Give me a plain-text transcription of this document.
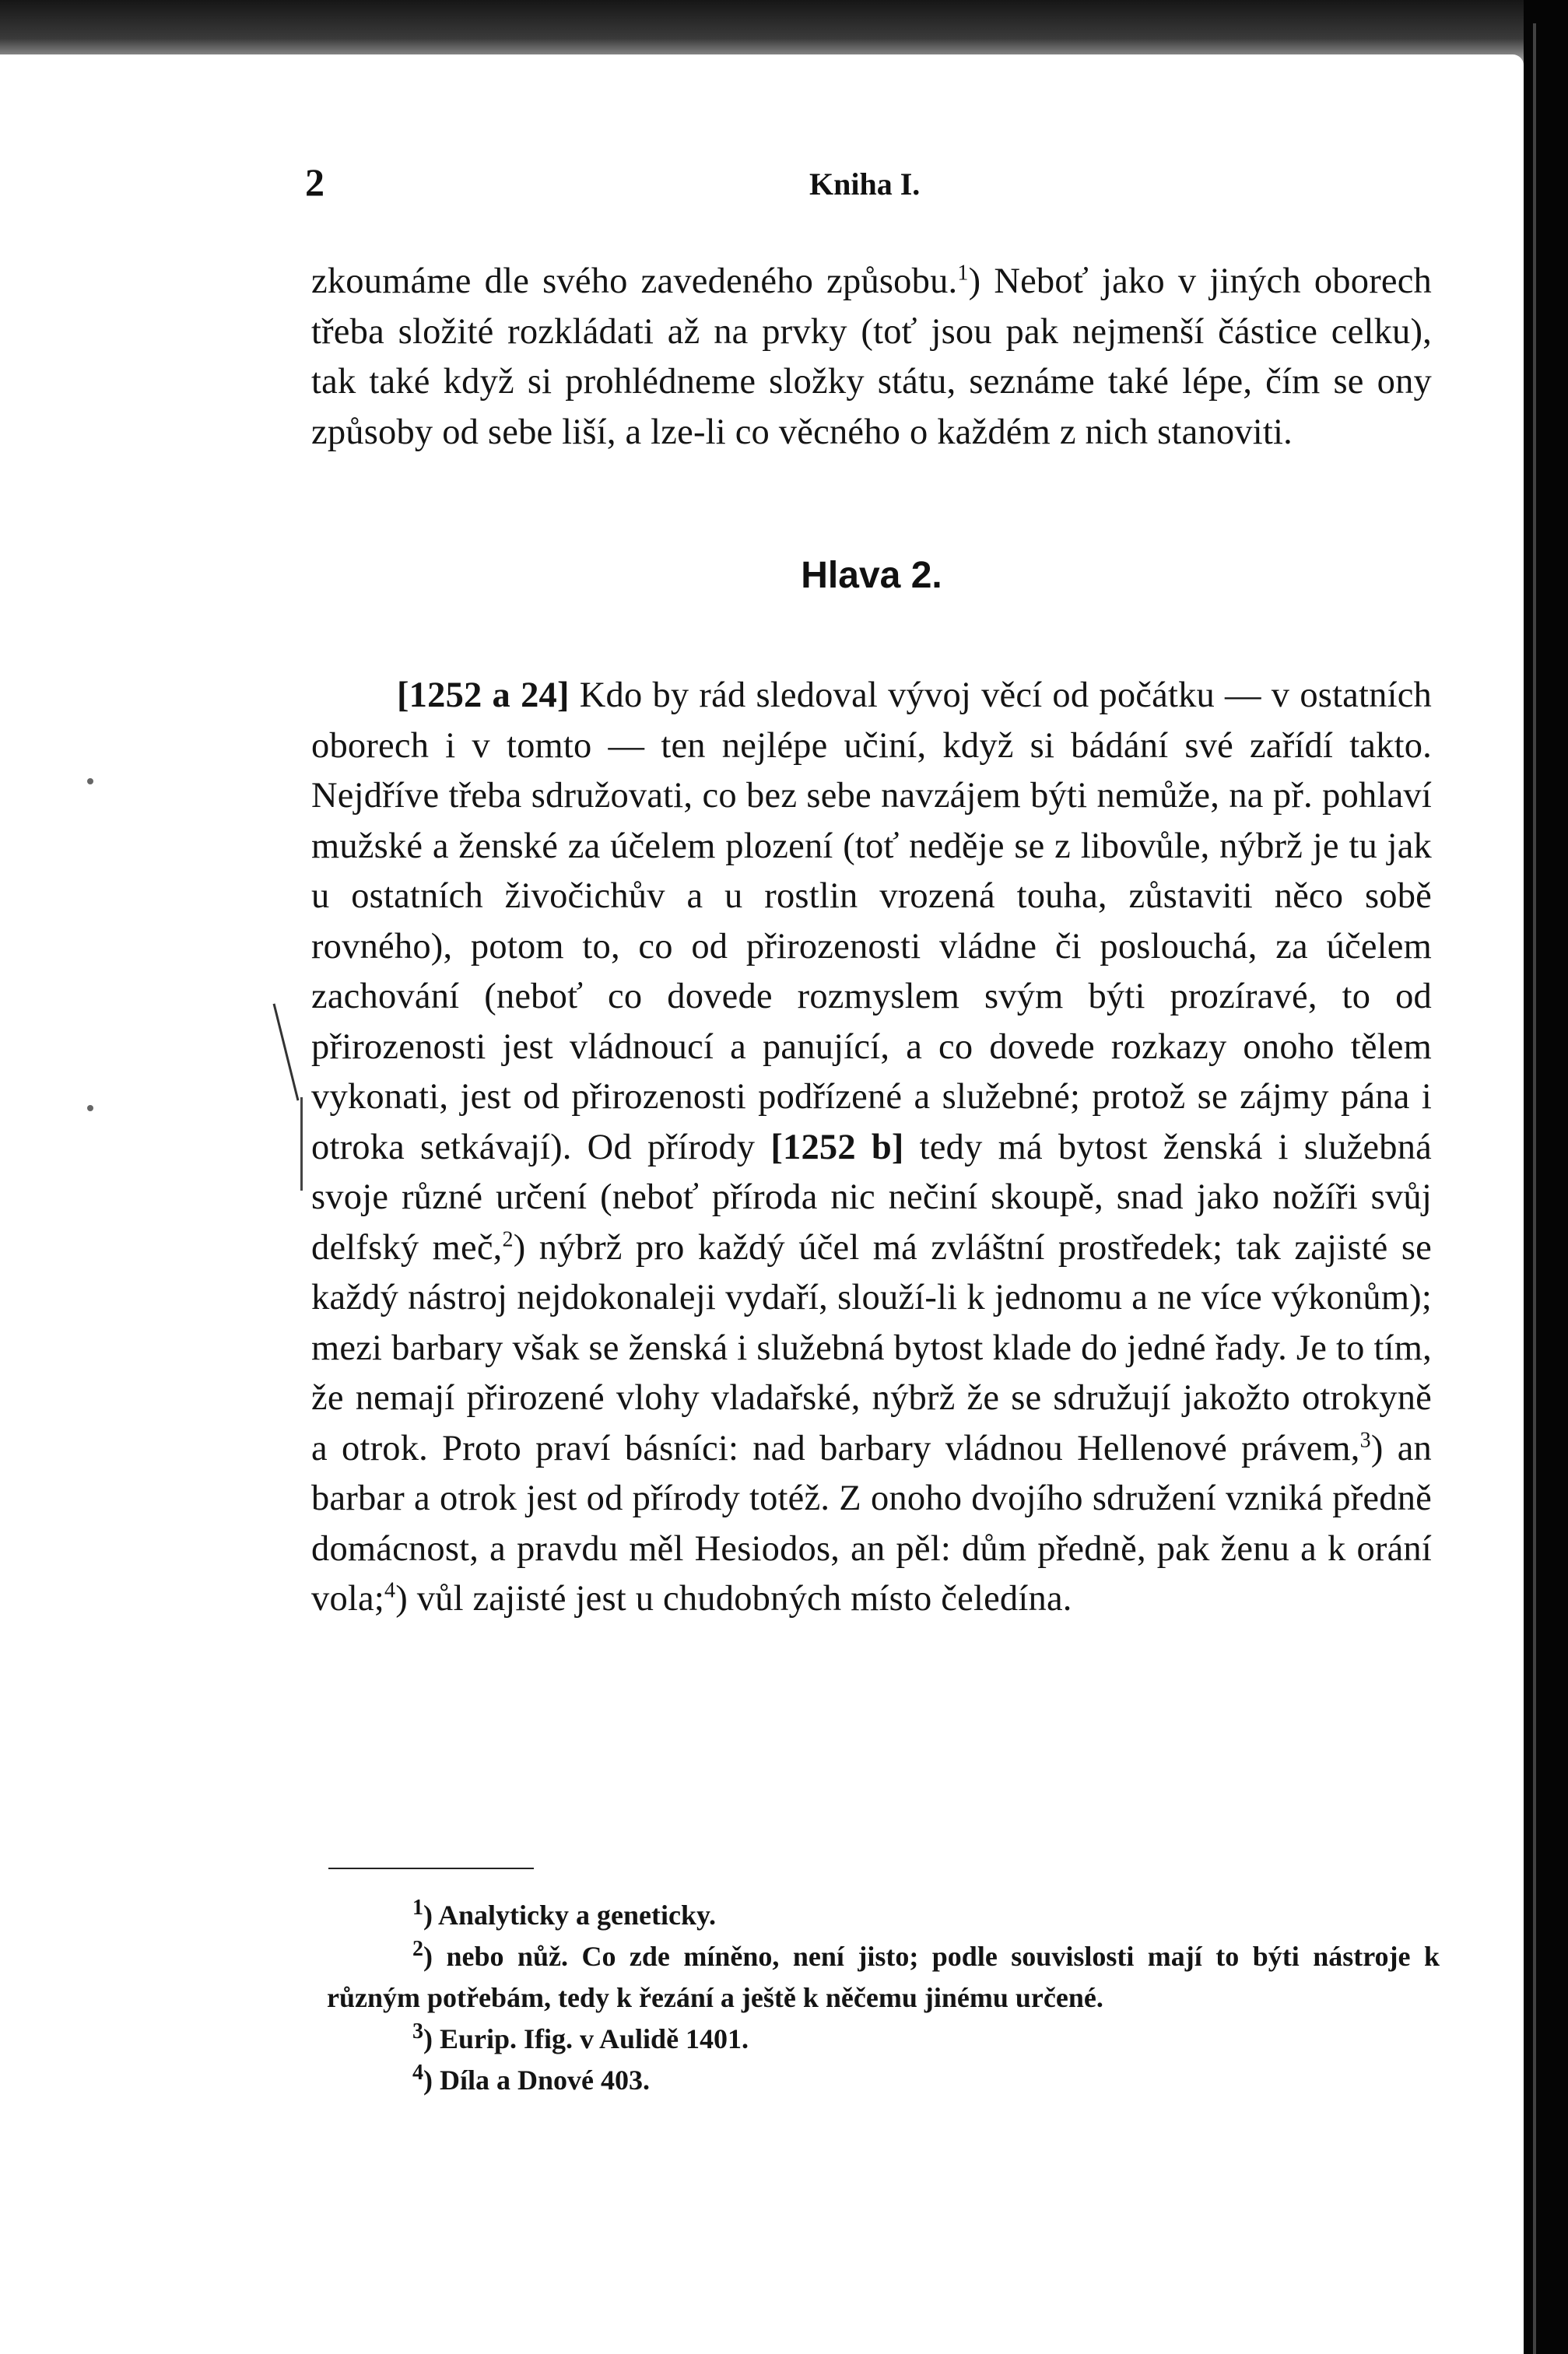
2	Kniha I.
zkoumáme dle svého zavedeného způsobu.$^1$) Neboť jako v jiných oborech třeba složité rozkládati až na prvky (toť jsou pak nejmenší částice celku), tak také když si prohlédneme složky státu, seznáme také lépe, čím se ony způsoby od sebe liší, a lze-li co věcného o každém z nich stanoviti.
Hlava 2.
[1252 a 24] Kdo by rád sledoval vývoj věcí od počátku — v ostatních oborech i v tomto — ten nejlépe učiní, když si bádání své zařídí takto. Nejdříve třeba sdružovati, co bez sebe navzájem býti nemůže, na př. pohlaví mužské a ženské za účelem plození (toť neděje se z libovůle, nýbrž je tu jak u ostatních živočichův a u rostlin vrozená touha, zůstaviti něco sobě rovného), potom to, co od přirozenosti vládne či poslouchá, za účelem zachování (neboť co dovede rozmyslem svým býti prozíravé, to od přirozenosti jest vládnoucí a panující, a co dovede rozkazy onoho tělem vykonati, jest od přirozenosti podřízené a služebné; protož se zájmy pána i otroka setkávají). Od přírody [1252 b] tedy má bytost ženská i služebná svoje různé určení (neboť příroda nic nečiní skoupě, snad jako nožíři svůj delfský meč,$^2$) nýbrž pro každý účel má zvláštní prostředek; tak zajisté se každý nástroj nejdokonaleji vydaří, slouží-li k jednomu a ne více výkonům); mezi barbary však se ženská i služebná bytost klade do jedné řady. Je to tím, že nemají přirozené vlohy vladařské, nýbrž že se sdružují jakožto otrokyně a otrok. Proto praví básníci: nad barbary vládnou Hellenové právem,$^3$) an barbar a otrok jest od přírody totéž. Z onoho dvojího sdružení vzniká předně domácnost, a pravdu měl Hesiodos, an pěl: dům předně, pak ženu a k orání vola;$^4$) vůl zajisté jest u chudobných místo čeledína.

$^1$) Analyticky a geneticky.

$^2$) nebo nůž. Co zde míněno, není jisto; podle souvislosti mají to býti nástroje k různým potřebám, tedy k řezání a ještě k něčemu jinému určené.

$^3$) Eurip. Ifig. v Aulidě 1401.

$^4$) Díla a Dnové 403.
